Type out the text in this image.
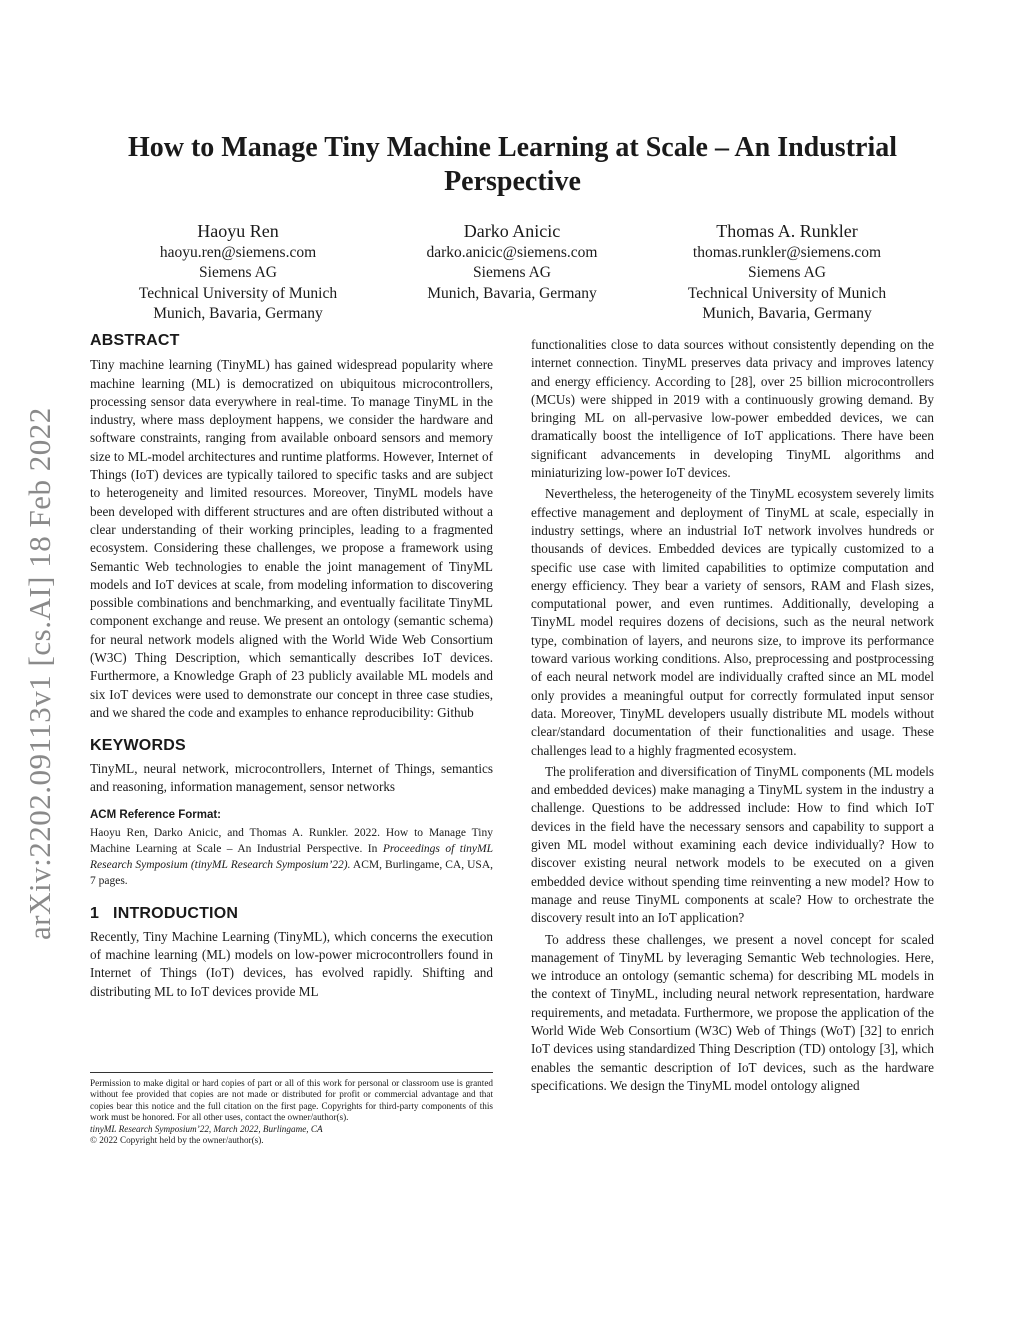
arXiv:2202.09113v1 [cs.AI] 18 Feb 2022
How to Manage Tiny Machine Learning at Scale – An Industrial Perspective
Haoyu Ren
haoyu.ren@siemens.com
Siemens AG
Technical University of Munich
Munich, Bavaria, Germany
Darko Anicic
darko.anicic@siemens.com
Siemens AG
Munich, Bavaria, Germany
Thomas A. Runkler
thomas.runkler@siemens.com
Siemens AG
Technical University of Munich
Munich, Bavaria, Germany
ABSTRACT

Tiny machine learning (TinyML) has gained widespread popularity where machine learning (ML) is democratized on ubiquitous microcontrollers, processing sensor data everywhere in real-time. To manage TinyML in the industry, where mass deployment happens, we consider the hardware and software constraints, ranging from available onboard sensors and memory size to ML-model architectures and runtime platforms. However, Internet of Things (IoT) devices are typically tailored to specific tasks and are subject to heterogeneity and limited resources. Moreover, TinyML models have been developed with different structures and are often distributed without a clear understanding of their working principles, leading to a fragmented ecosystem. Considering these challenges, we propose a framework using Semantic Web technologies to enable the joint management of TinyML models and IoT devices at scale, from modeling information to discovering possible combinations and benchmarking, and eventually facilitate TinyML component exchange and reuse. We present an ontology (semantic schema) for neural network models aligned with the World Wide Web Consortium (W3C) Thing Description, which semantically describes IoT devices. Furthermore, a Knowledge Graph of 23 publicly available ML models and six IoT devices were used to demonstrate our concept in three case studies, and we shared the code and examples to enhance reproducibility: Github

KEYWORDS

TinyML, neural network, microcontrollers, Internet of Things, semantics and reasoning, information management, sensor networks

ACM Reference Format:
Haoyu Ren, Darko Anicic, and Thomas A. Runkler. 2022. How to Manage Tiny Machine Learning at Scale – An Industrial Perspective. In Proceedings of tinyML Research Symposium (tinyML Research Symposium’22). ACM, Burlingame, CA, USA, 7 pages.
1 INTRODUCTION

Recently, Tiny Machine Learning (TinyML), which concerns the execution of machine learning (ML) models on low-power microcontrollers found in Internet of Things (IoT) devices, has evolved rapidly. Shifting and distributing ML to IoT devices provide ML

Permission to make digital or hard copies of part or all of this work for personal or classroom use is granted without fee provided that copies are not made or distributed for profit or commercial advantage and that copies bear this notice and the full citation on the first page. Copyrights for third-party components of this work must be honored. For all other uses, contact the owner/author(s).

tinyML Research Symposium’22, March 2022, Burlingame, CA

© 2022 Copyright held by the owner/author(s).

functionalities close to data sources without consistently depending on the internet connection. TinyML preserves data privacy and improves latency and energy efficiency. According to [28], over 25 billion microcontrollers (MCUs) were shipped in 2019 with a continuously growing demand. By bringing ML on all-pervasive low-power embedded devices, we can dramatically boost the intelligence of IoT applications. There have been significant advancements in developing TinyML algorithms and miniaturizing low-power IoT devices.

Nevertheless, the heterogeneity of the TinyML ecosystem severely limits effective management and deployment of TinyML at scale, especially in industry settings, where an industrial IoT network involves hundreds or thousands of devices. Embedded devices are typically customized to a specific use case with limited capabilities to optimize computation and energy efficiency. They bear a variety of sensors, RAM and Flash sizes, computational power, and even runtimes. Additionally, developing a TinyML model requires dozens of decisions, such as the neural network type, combination of layers, and neurons size, to improve its performance toward various working conditions. Also, preprocessing and postprocessing of each neural network model are individually crafted since an ML model only provides a meaningful output for correctly formulated input sensor data. Moreover, TinyML developers usually distribute ML models without clear/standard documentation of their functionalities and usage. These challenges lead to a highly fragmented ecosystem.

The proliferation and diversification of TinyML components (ML models and embedded devices) make managing a TinyML system in the industry a challenge. Questions to be addressed include: How to find which IoT devices in the field have the necessary sensors and capability to support a given ML model without examining each device individually? How to discover existing neural network models to be executed on a given embedded device without spending time reinventing a new model? How to manage and reuse TinyML components at scale? How to orchestrate the discovery result into an IoT application?

To address these challenges, we present a novel concept for scaled management of TinyML by leveraging Semantic Web technologies. Here, we introduce an ontology (semantic schema) for describing ML models in the context of TinyML, including neural network representation, hardware requirements, and metadata. Furthermore, we propose the application of the World Wide Web Consortium (W3C) Web of Things (WoT) [32] to enrich IoT devices using standardized Thing Description (TD) ontology [3], which enables the semantic description of IoT devices, such as the hardware specifications. We design the TinyML model ontology aligned
